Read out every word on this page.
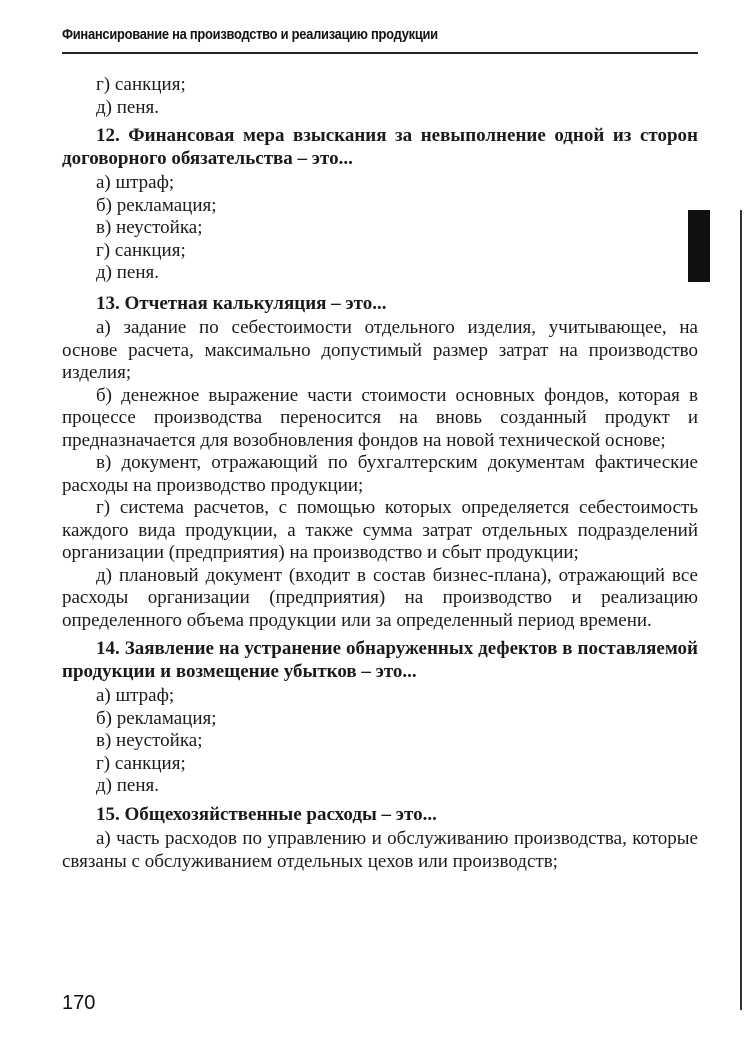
Финансирование на производство и реализацию продукции

г) санкция;

д) пеня.

12. Финансовая мера взыскания за невыполнение одной из сторон договорного обязательства – это...

а) штраф;

б) рекламация;

в) неустойка;

г) санкция;

д) пеня.

13. Отчетная калькуляция – это...

а) задание по себестоимости отдельного изделия, учитывающее, на основе расчета, максимально допустимый размер затрат на производство изделия;

б) денежное выражение части стоимости основных фондов, которая в процессе производства переносится на вновь созданный продукт и предназначается для возобновления фондов на новой технической основе;

в) документ, отражающий по бухгалтерским документам фактические расходы на производство продукции;

г) система расчетов, с помощью которых определяется себестоимость каждого вида продукции, а также сумма затрат отдельных подразделений организации (предприятия) на производство и сбыт продукции;

д) плановый документ (входит в состав бизнес-плана), отражающий все расходы организации (предприятия) на производство и реализацию определенного объема продукции или за определенный период времени.

14. Заявление на устранение обнаруженных дефектов в поставляемой продукции и возмещение убытков – это...

а) штраф;

б) рекламация;

в) неустойка;

г) санкция;

д) пеня.

15. Общехозяйственные расходы – это...

а) часть расходов по управлению и обслуживанию производства, которые связаны с обслуживанием отдельных цехов или производств;

170
